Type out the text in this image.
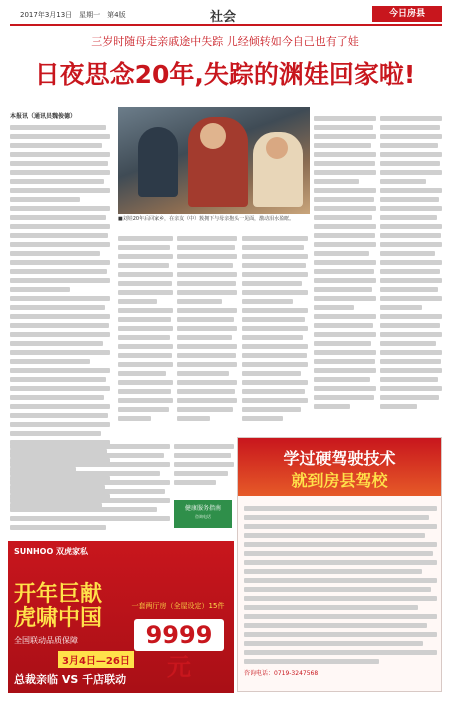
2017年3月13日　星期一　第4版	社会	今日房县
三岁时随母走亲戚途中失踪 儿经倾转如今自己也有了娃
日夜思念20年,失踪的渊娃回家啦!
本报讯（通讯员魏俊德）
■刘娃20年后回家乡，在亲友（中）簇拥下与母亲抱头一见面，激动泪水盈眶。
健康服务指南
咨询电话
学过硬驾驶技术
就到房县驾校
咨询电话：0719-3247568
SUNHOO 双虎家私
开年巨献
虎啸中国
全国联动品质保障
3月4日—26日
总裁亲临 VS 千店联动
一套两厅房（全屋设定）15件
9999元
